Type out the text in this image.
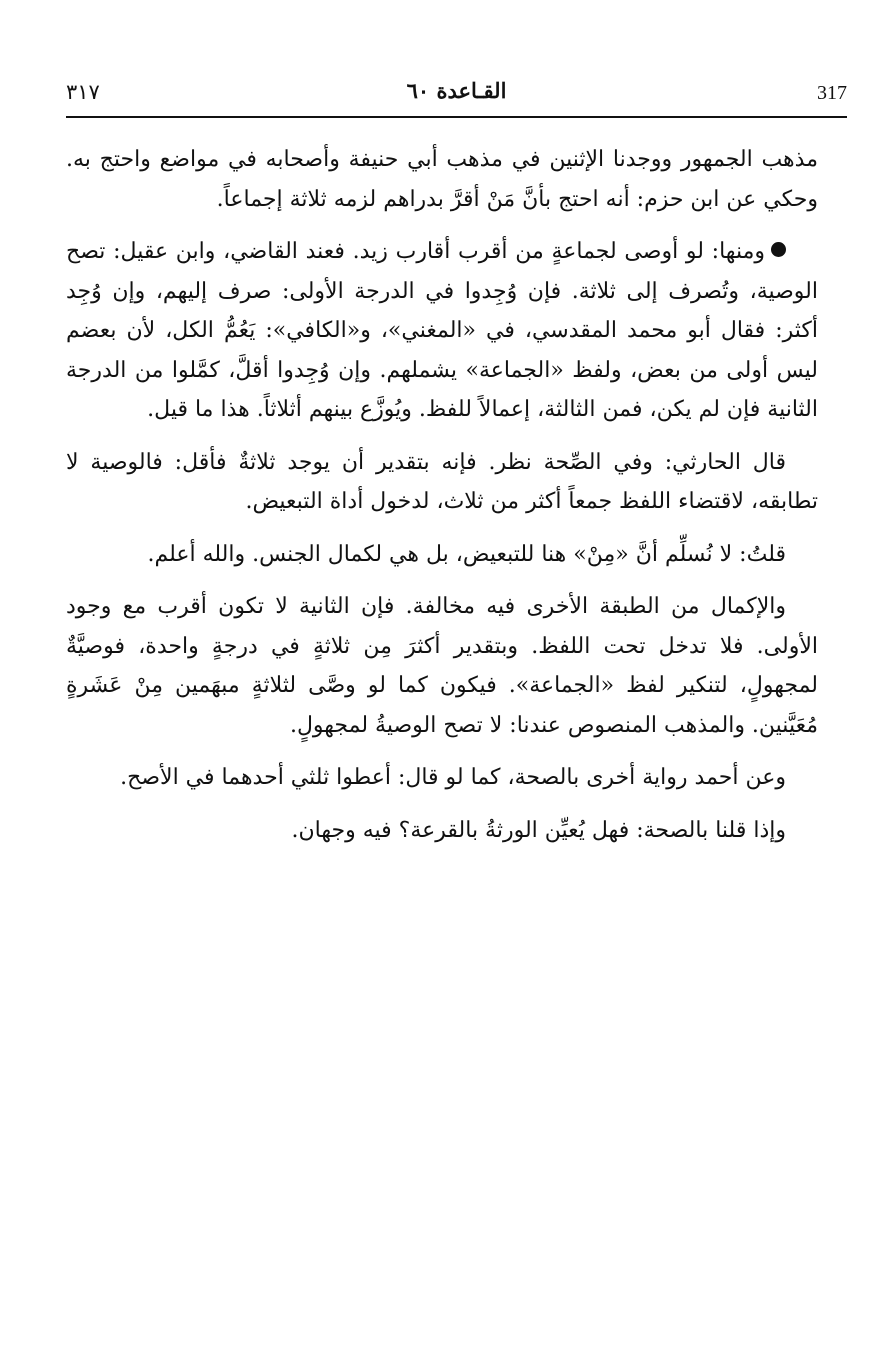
317
القـاعدة ٦٠
٣١٧

مذهب الجمهور ووجدنا الإثنين في مذهب أبي حنيفة وأصحابه في مواضع واحتج به. وحكي عن ابن حزم: أنه احتج بأنَّ مَنْ أقرَّ بدراهم لزمه ثلاثة إجماعاً.

ومنها: لو أوصى لجماعةٍ من أقرب أقارب زيد. فعند القاضي، وابن عقيل: تصح الوصية، وتُصرف إلى ثلاثة. فإن وُجِدوا في الدرجة الأولى: صرف إليهم، وإن وُجِد أكثر: فقال أبو محمد المقدسي، في «المغني»، و«الكافي»: يَعُمُّ الكل، لأن بعضم ليس أولى من بعض، ولفظ «الجماعة» يشملهم. وإن وُجِدوا أقلَّ، كمَّلوا من الدرجة الثانية فإن لم يكن، فمن الثالثة، إعمالاً للفظ. ويُوزَّع بينهم أثلاثاً. هذا ما قيل.

قال الحارثي: وفي الصِّحة نظر. فإنه بتقدير أن يوجد ثلاثةٌ فأقل: فالوصية لا تطابقه، لاقتضاء اللفظ جمعاً أكثر من ثلاث، لدخول أداة التبعيض.

قلتُ: لا نُسلِّم أنَّ «مِنْ» هنا للتبعيض، بل هي لكمال الجنس. والله أعلم.

والإكمال من الطبقة الأخرى فيه مخالفة. فإن الثانية لا تكون أقرب مع وجود الأولى. فلا تدخل تحت اللفظ. وبتقدير أكثرَ مِن ثلاثةٍ في درجةٍ واحدة، فوصيَّةٌ لمجهولٍ، لتنكير لفظ «الجماعة». فيكون كما لو وصَّى لثلاثةٍ مبهَمين مِنْ عَشَرةٍ مُعَيَّنين. والمذهب المنصوص عندنا: لا تصح الوصيةُ لمجهولٍ.

وعن أحمد رواية أخرى بالصحة، كما لو قال: أعطوا ثلثي أحدهما في الأصح.

وإذا قلنا بالصحة: فهل يُعيِّن الورثةُ بالقرعة؟ فيه وجهان.
